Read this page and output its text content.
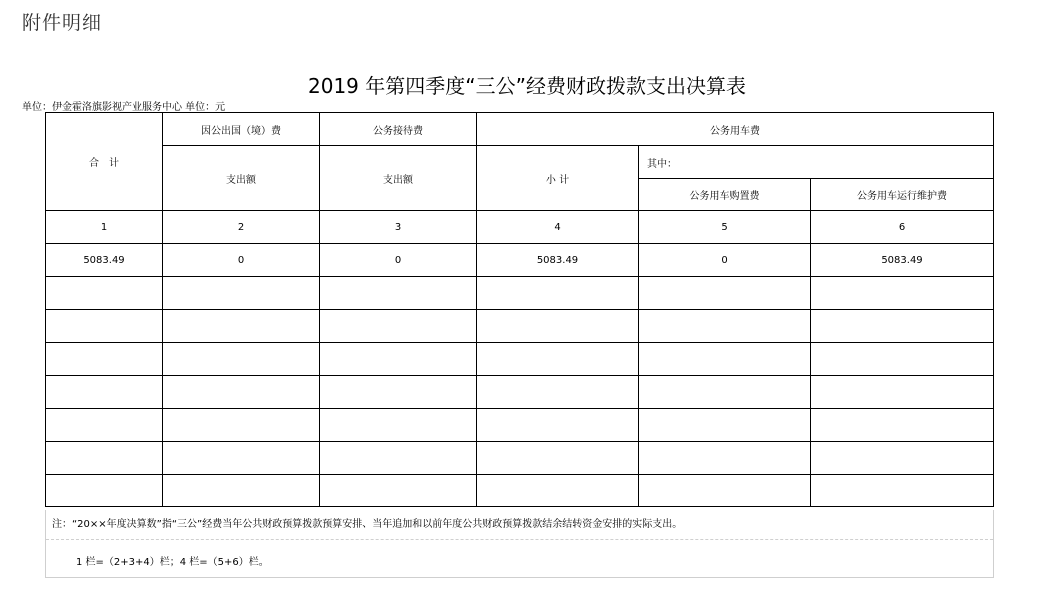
附件明细
2019 年第四季度“三公”经费财政拨款支出决算表
单位：伊金霍洛旗影视产业服务中心 单位：元
合　计	因公出国（境）费	公务接待费	公务用车费		
	支出额	支出额	小 计	其中：	
				公务用车购置费	公务用车运行维护费
1	2	3	4	5	6
5083.49	0	0	5083.49	0	5083.49

注：“20××年度决算数”指“三公”经费当年公共财政预算拨款预算安排、当年追加和以前年度公共财政预算拨款结余结转资金安排的实际支出。
1 栏=（2+3+4）栏；4 栏=（5+6）栏。
